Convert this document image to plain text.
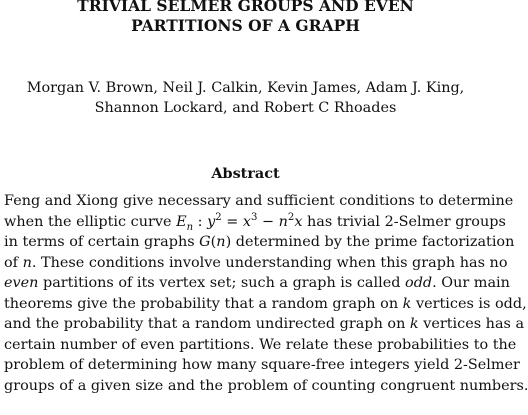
TRIVIAL SELMER GROUPS AND EVEN
PARTITIONS OF A GRAPH
Morgan V. Brown, Neil J. Calkin, Kevin James, Adam J. King,
Shannon Lockard, and Robert C Rhoades
Abstract
Feng and Xiong give necessary and sufficient conditions to determine
when the elliptic curve $E_n$ : $y^2 = x^3 - n^2x$ has trivial 2-Selmer groups
in terms of certain graphs G(n) determined by the prime factorization
of n. These conditions involve understanding when this graph has no
even partitions of its vertex set; such a graph is called odd. Our main
theorems give the probability that a random graph on k vertices is odd,
and the probability that a random undirected graph on k vertices has a
certain number of even partitions. We relate these probabilities to the
problem of determining how many square-free integers yield 2-Selmer
groups of a given size and the problem of counting congruent numbers.
